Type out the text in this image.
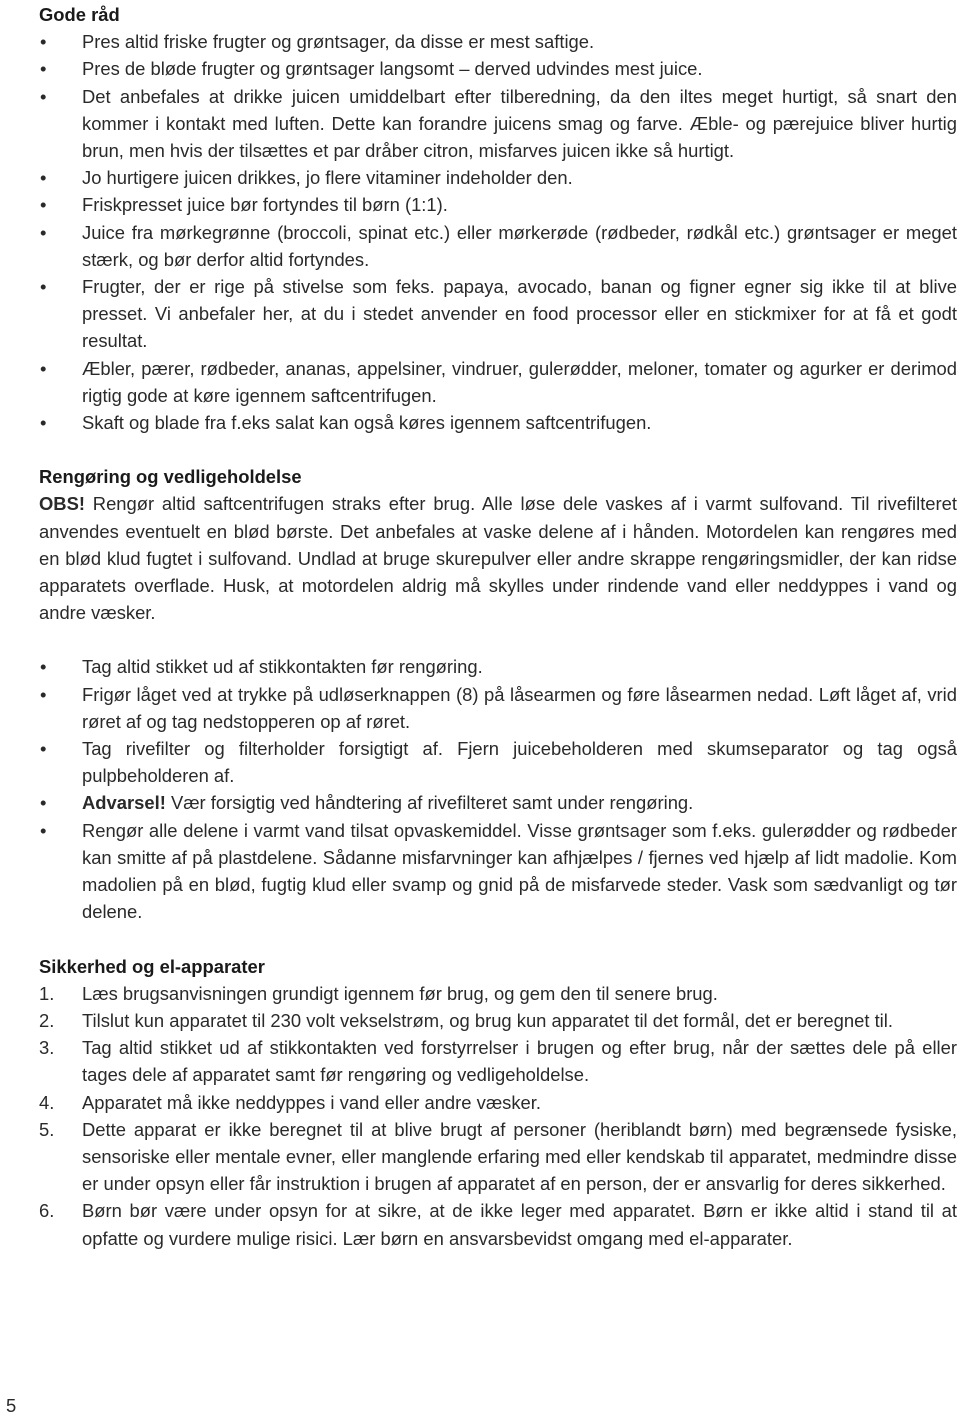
Gode råd
• Pres altid friske frugter og grøntsager, da disse er mest saftige.
• Pres de bløde frugter og grøntsager langsomt – derved udvindes mest juice.
• Det anbefales at drikke juicen umiddelbart efter tilberedning, da den iltes meget hurtigt, så snart den kommer i kontakt med luften. Dette kan forandre juicens smag og farve. Æble- og pærejuice bliver hurtig brun, men hvis der tilsættes et par dråber citron, misfarves juicen ikke så hurtigt.
• Jo hurtigere juicen drikkes, jo flere vitaminer indeholder den.
• Friskpresset juice bør fortyndes til børn (1:1).
• Juice fra mørkegrønne (broccoli, spinat etc.) eller mørkerøde (rødbeder, rødkål etc.) grøntsager er meget stærk, og bør derfor altid fortyndes.
• Frugter, der er rige på stivelse som feks. papaya, avocado, banan og figner egner sig ikke til at blive presset. Vi anbefaler her, at du i stedet anvender en food processor eller en stickmixer for at få et godt resultat.
• Æbler, pærer, rødbeder, ananas, appelsiner, vindruer, gulerødder, meloner, tomater og agurker er derimod rigtig gode at køre igennem saftcentrifugen.
• Skaft og blade fra f.eks salat kan også køres igennem saftcentrifugen.
Rengøring og vedligeholdelse

OBS! Rengør altid saftcentrifugen straks efter brug. Alle løse dele vaskes af i varmt sulfovand. Til rivefilteret anvendes eventuelt en blød børste. Det anbefales at vaske delene af i hånden. Motordelen kan rengøres med en blød klud fugtet i sulfovand. Undlad at bruge skurepulver eller andre skrappe rengøringsmidler, der kan ridse apparatets overflade. Husk, at motordelen aldrig må skylles under rindende vand eller neddyppes i vand og andre væsker.

• Tag altid stikket ud af stikkontakten før rengøring.
• Frigør låget ved at trykke på udløserknappen (8) på låsearmen og føre låsearmen nedad. Løft låget af, vrid røret af og tag nedstopperen op af røret.
• Tag rivefilter og filterholder forsigtigt af. Fjern juicebeholderen med skumseparator og tag også pulpbeholderen af.
• Advarsel! Vær forsigtig ved håndtering af rivefilteret samt under rengøring.
• Rengør alle delene i varmt vand tilsat opvaskemiddel. Visse grøntsager som f.eks. gulerødder og rødbeder kan smitte af på plastdelene. Sådanne misfarvninger kan afhjælpes / fjernes ved hjælp af lidt madolie. Kom madolien på en blød, fugtig klud eller svamp og gnid på de misfarvede steder. Vask som sædvanligt og tør delene.
Sikkerhed og el-apparater
1. Læs brugsanvisningen grundigt igennem før brug, og gem den til senere brug.
2. Tilslut kun apparatet til 230 volt vekselstrøm, og brug kun apparatet til det formål, det er beregnet til.
3. Tag altid stikket ud af stikkontakten ved forstyrrelser i brugen og efter brug, når der sættes dele på eller tages dele af apparatet samt før rengøring og vedligeholdelse.
4. Apparatet må ikke neddyppes i vand eller andre væsker.
5. Dette apparat er ikke beregnet til at blive brugt af personer (heriblandt børn) med begrænsede fysiske, sensoriske eller mentale evner, eller manglende erfaring med eller kendskab til apparatet, medmindre disse er under opsyn eller får instruktion i brugen af apparatet af en person, der er ansvarlig for deres sikkerhed.
6. Børn bør være under opsyn for at sikre, at de ikke leger med apparatet. Børn er ikke altid i stand til at opfatte og vurdere mulige risici. Lær børn en ansvarsbevidst omgang med el-apparater.
5
